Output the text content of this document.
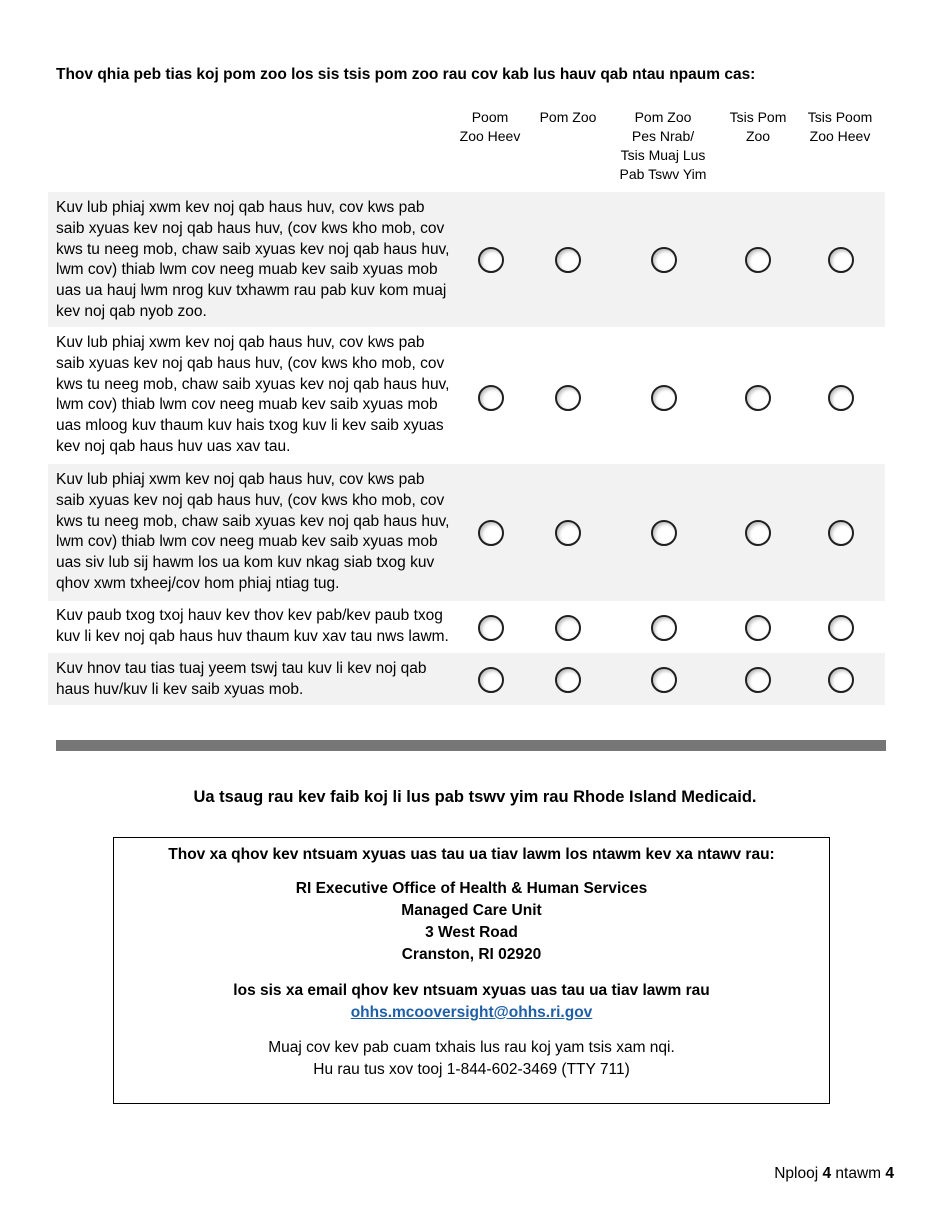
Thov qhia peb tias koj pom zoo los sis tsis pom zoo rau cov kab lus hauv qab ntau npaum cas:
Poom
Zoo Heev
Pom Zoo	Pom Zoo
Pes Nrab/
Tsis Muaj Lus
Pab Tswv Yim
Tsis Pom
Zoo
Tsis Poom
Zoo Heev
Kuv lub phiaj xwm kev noj qab haus huv, cov kws pab saib xyuas kev noj qab haus huv, (cov kws kho mob, cov kws tu neeg mob, chaw saib xyuas kev noj qab haus huv, lwm cov) thiab lwm cov neeg muab kev saib xyuas mob uas ua hauj lwm nrog kuv txhawm rau pab kuv kom muaj kev noj qab nyob zoo.
Kuv lub phiaj xwm kev noj qab haus huv, cov kws pab saib xyuas kev noj qab haus huv, (cov kws kho mob, cov kws tu neeg mob, chaw saib xyuas kev noj qab haus huv, lwm cov) thiab lwm cov neeg muab kev saib xyuas mob uas mloog kuv thaum kuv hais txog kuv li kev saib xyuas kev noj qab haus huv uas xav tau.
Kuv lub phiaj xwm kev noj qab haus huv, cov kws pab saib xyuas kev noj qab haus huv, (cov kws kho mob, cov kws tu neeg mob, chaw saib xyuas kev noj qab haus huv, lwm cov) thiab lwm cov neeg muab kev saib xyuas mob uas siv lub sij hawm los ua kom kuv nkag siab txog kuv qhov xwm txheej/cov hom phiaj ntiag tug.
Kuv paub txog txoj hauv kev thov kev pab/kev paub txog kuv li kev noj qab haus huv thaum kuv xav tau nws lawm.
Kuv hnov tau tias tuaj yeem tswj tau kuv li kev noj qab haus huv/kuv li kev saib xyuas mob.
Ua tsaug rau kev faib koj li lus pab tswv yim rau Rhode Island Medicaid.
Thov xa qhov kev ntsuam xyuas uas tau ua tiav lawm los ntawm kev xa ntawv rau:
RI Executive Office of Health & Human Services
Managed Care Unit
3 West Road
Cranston, RI 02920
los sis xa email qhov kev ntsuam xyuas uas tau ua tiav lawm rau
ohhs.mcooversight@ohhs.ri.gov
Muaj cov kev pab cuam txhais lus rau koj yam tsis xam nqi.
Hu rau tus xov tooj 1-844-602-3469 (TTY 711)
Nplooj 4 ntawm 4
